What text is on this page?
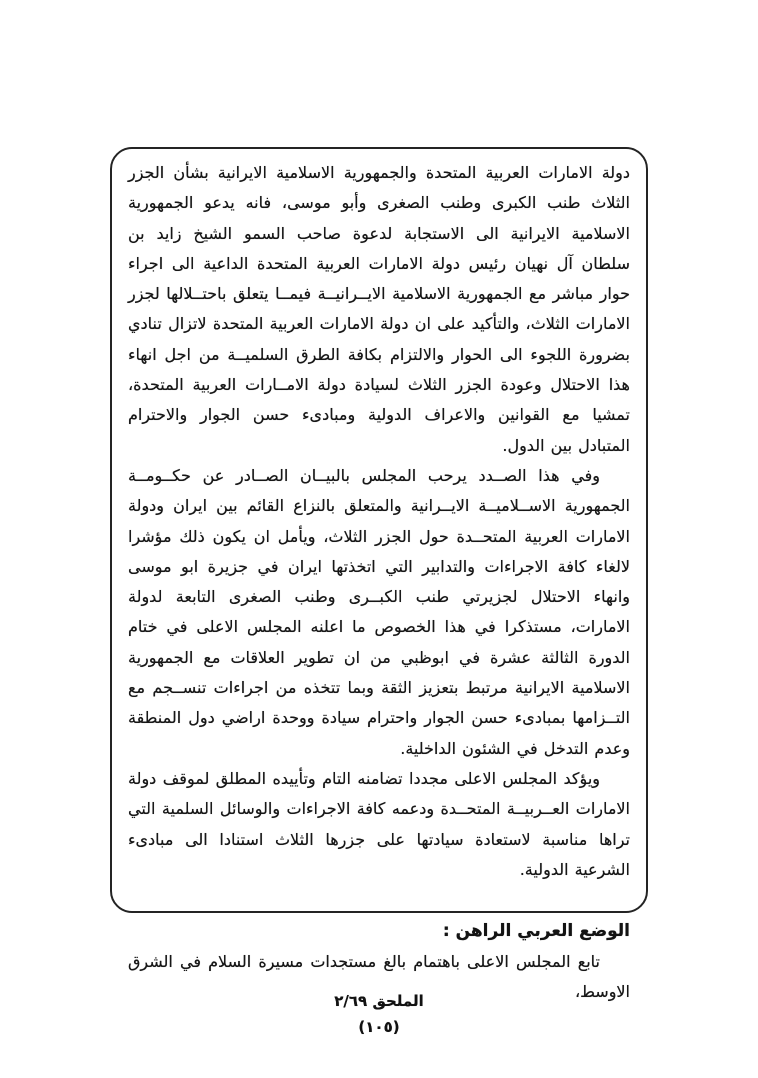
دولة الامارات العربية المتحدة والجمهورية الاسلامية الايرانية بشأن الجزر الثلاث طنب الكبرى وطنب الصغرى وأبو موسى، فانه يدعو الجمهورية الاسلامية الايرانية الى الاستجابة لدعوة صاحب السمو الشيخ زايد بن سلطان آل نهيان رئيس دولة الامارات العربية المتحدة الداعية الى اجراء حوار مباشر مع الجمهورية الاسلامية الايــرانيــة فيمــا يتعلق باحتــلالها لجزر الامارات الثلاث، والتأكيد على ان دولة الامارات العربية المتحدة لاتزال تنادي بضرورة اللجوء الى الحوار والالتزام بكافة الطرق السلميــة من اجل انهاء هذا الاحتلال وعودة الجزر الثلاث لسيادة دولة الامــارات العربية المتحدة، تمشيا مع القوانين والاعراف الدولية ومبادىء حسن الجوار والاحترام المتبادل بين الدول.

وفي هذا الصــدد يرحب المجلس بالبيــان الصــادر عن حكــومــة الجمهورية الاســلاميــة الايــرانية والمتعلق بالنزاع القائم بين ايران ودولة الامارات العربية المتحــدة حول الجزر الثلاث، ويأمل ان يكون ذلك مؤشرا لالغاء كافة الاجراءات والتدابير التي اتخذتها ايران في جزيرة ابو موسى وانهاء الاحتلال لجزيرتي طنب الكبــرى وطنب الصغرى التابعة لدولة الامارات، مستذكرا في هذا الخصوص ما اعلنه المجلس الاعلى في ختام الدورة الثالثة عشرة في ابوظبي من ان تطوير العلاقات مع الجمهورية الاسلامية الايرانية مرتبط بتعزيز الثقة وبما تتخذه من اجراءات تنســجم مع التــزامها بمبادىء حسن الجوار واحترام سيادة ووحدة اراضي دول المنطقة وعدم التدخل في الشئون الداخلية.

ويؤكد المجلس الاعلى مجددا تضامنه التام وتأييده المطلق لموقف دولة الامارات العــربيــة المتحــدة ودعمه كافة الاجراءات والوسائل السلمية التي تراها مناسبة لاستعادة سيادتها على جزرها الثلاث استنادا الى مبادىء الشرعية الدولية.

الوضع العربي الراهن :

تابع المجلس الاعلى باهتمام بالغ مستجدات مسيرة السلام في الشرق الاوسط،

الملحق ٢/٦٩
(١٠٥)
